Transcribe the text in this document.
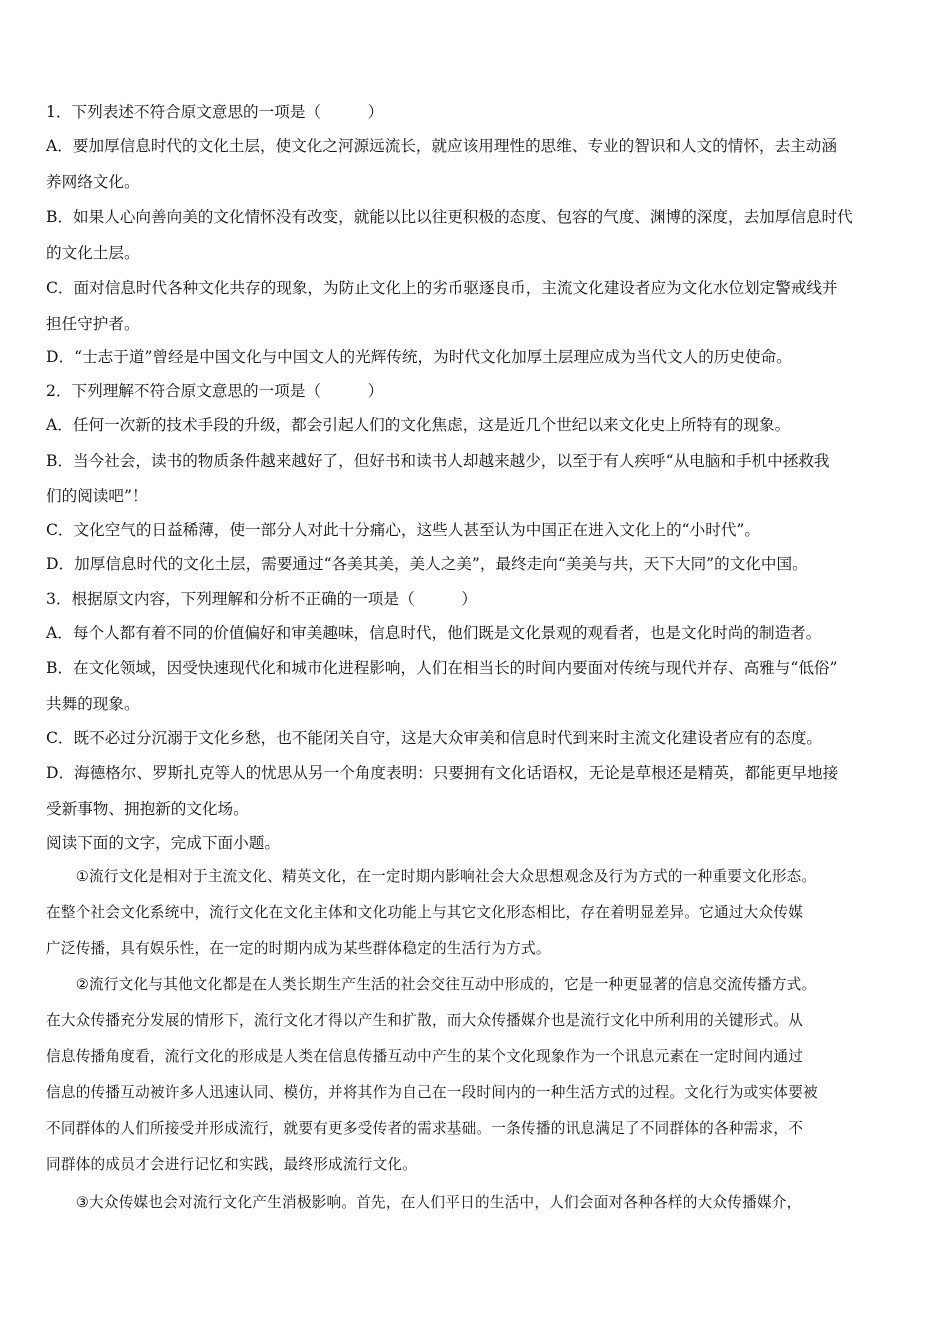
1．下列表述不符合原文意思的一项是（　　　）
A．要加厚信息时代的文化土层，使文化之河源远流长，就应该用理性的思维、专业的智识和人文的情怀，去主动涵
养网络文化。
B．如果人心向善向美的文化情怀没有改变，就能以比以往更积极的态度、包容的气度、渊博的深度，去加厚信息时代
的文化土层。
C．面对信息时代各种文化共存的现象，为防止文化上的劣币驱逐良币，主流文化建设者应为文化水位划定警戒线并
担任守护者。
D．“士志于道”曾经是中国文化与中国文人的光辉传统，为时代文化加厚土层理应成为当代文人的历史使命。
2．下列理解不符合原文意思的一项是（　　　）
A．任何一次新的技术手段的升级，都会引起人们的文化焦虑，这是近几个世纪以来文化史上所特有的现象。
B．当今社会，读书的物质条件越来越好了，但好书和读书人却越来越少，以至于有人疾呼“从电脑和手机中拯救我
们的阅读吧”！
C．文化空气的日益稀薄，使一部分人对此十分痛心，这些人甚至认为中国正在进入文化上的“小时代”。
D．加厚信息时代的文化土层，需要通过“各美其美，美人之美”，最终走向“美美与共，天下大同”的文化中国。
3．根据原文内容，下列理解和分析不正确的一项是（　　　）
A．每个人都有着不同的价值偏好和审美趣味，信息时代，他们既是文化景观的观看者，也是文化时尚的制造者。
B．在文化领域，因受快速现代化和城市化进程影响，人们在相当长的时间内要面对传统与现代并存、高雅与“低俗”
共舞的现象。
C．既不必过分沉溺于文化乡愁，也不能闭关自守，这是大众审美和信息时代到来时主流文化建设者应有的态度。
D．海德格尔、罗斯扎克等人的忧思从另一个角度表明：只要拥有文化话语权，无论是草根还是精英，都能更早地接
受新事物、拥抱新的文化场。
阅读下面的文字，完成下面小题。
　　①流行文化是相对于主流文化、精英文化，在一定时期内影响社会大众思想观念及行为方式的一种重要文化形态。
在整个社会文化系统中，流行文化在文化主体和文化功能上与其它文化形态相比，存在着明显差异。它通过大众传媒
广泛传播，具有娱乐性，在一定的时期内成为某些群体稳定的生活行为方式。
　　②流行文化与其他文化都是在人类长期生产生活的社会交往互动中形成的，它是一种更显著的信息交流传播方式。
在大众传播充分发展的情形下，流行文化才得以产生和扩散，而大众传播媒介也是流行文化中所利用的关键形式。从
信息传播角度看，流行文化的形成是人类在信息传播互动中产生的某个文化现象作为一个讯息元素在一定时间内通过
信息的传播互动被许多人迅速认同、模仿，并将其作为自己在一段时间内的一种生活方式的过程。文化行为或实体要被
不同群体的人们所接受并形成流行，就要有更多受传者的需求基础。一条传播的讯息满足了不同群体的各种需求，不
同群体的成员才会进行记忆和实践，最终形成流行文化。
　　③大众传媒也会对流行文化产生消极影响。首先，在人们平日的生活中，人们会面对各种各样的大众传播媒介，
